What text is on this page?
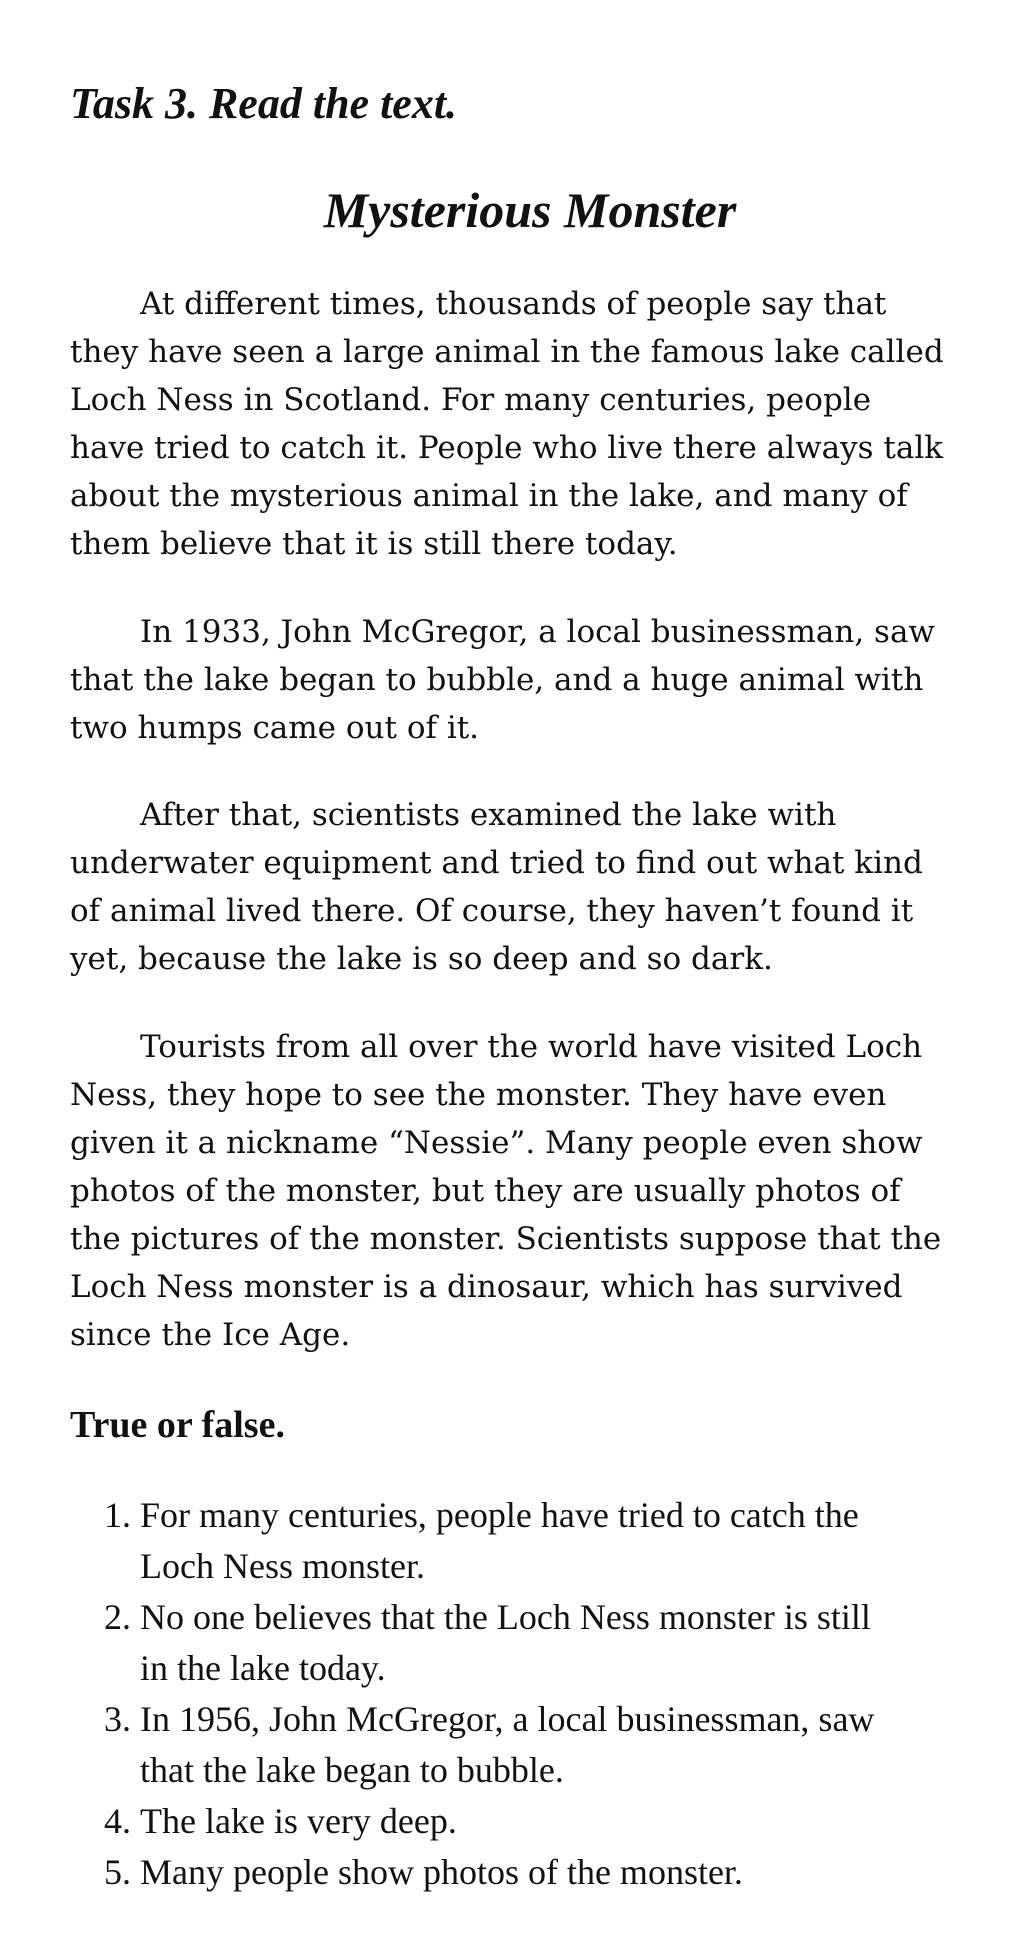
Task 3. Read the text.
Mysterious Monster

At different times, thousands of people say that
they have seen a large animal in the famous lake called
Loch Ness in Scotland. For many centuries, people
have tried to catch it. People who live there always talk
about the mysterious animal in the lake, and many of
them believe that it is still there today.

In 1933, John McGregor, a local businessman, saw
that the lake began to bubble, and a huge animal with
two humps came out of it.

After that, scientists examined the lake with
underwater equipment and tried to find out what kind
of animal lived there. Of course, they haven’t found it
yet, because the lake is so deep and so dark.

Tourists from all over the world have visited Loch
Ness, they hope to see the monster. They have even
given it a nickname “Nessie”. Many people even show
photos of the monster, but they are usually photos of
the pictures of the monster. Scientists suppose that the
Loch Ness monster is a dinosaur, which has survived
since the Ice Age.

True or false.
1. For many centuries, people have tried to catch the
Loch Ness monster.
2. No one believes that the Loch Ness monster is still
in the lake today.
3. In 1956, John McGregor, a local businessman, saw
that the lake began to bubble.
4. The lake is very deep.
5. Many people show photos of the monster.
